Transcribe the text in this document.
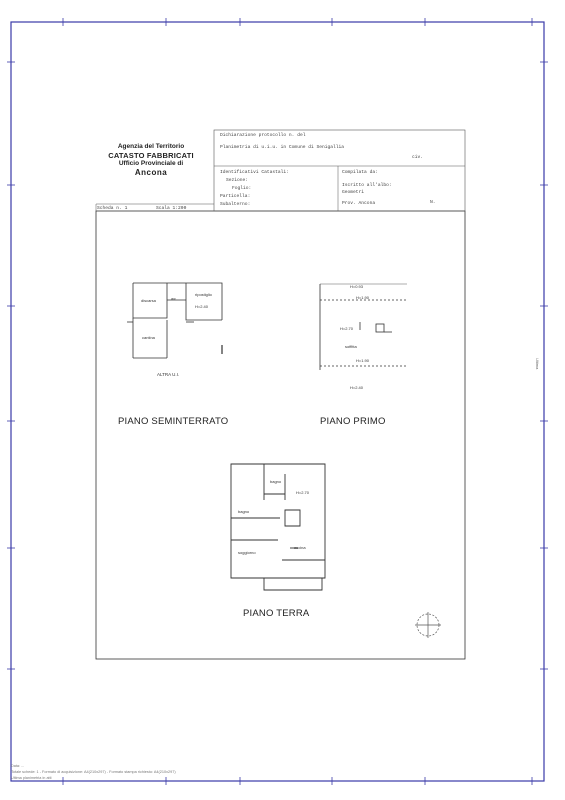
Agenzia del Territorio
CATASTO FABBRICATI
Ufficio Provinciale di
Ancona
Dichiarazione protocollo n. del
Planimetria di u.i.u. in Comune di Senigallia
civ.
Identificativi Catastali:
Sezione:
Foglio:
Particella:
Subalterno:
Compilata da:
Iscritto all'albo:
Geometri
Prov. Ancona	N.
Scheda n. 1	Scala 1:200
discarsa	wc
ripostiglio
H=2.40
cantina
ALTRA U.I.
PIANO SEMINTERRATO
H=0.93
H=1.90
H=2.70
soffitta
H=1.90
H=2.40
PIANO PRIMO
bagno
H=2.70
bagno
soggiorno
cucina
PIANO TERRA
Ultima
Data: ...
Totale schede: 1 - Formato di acquisizione: A4(210x297) - Formato stampa richiesto: A4(210x297)
Ultima planimetria in atti
